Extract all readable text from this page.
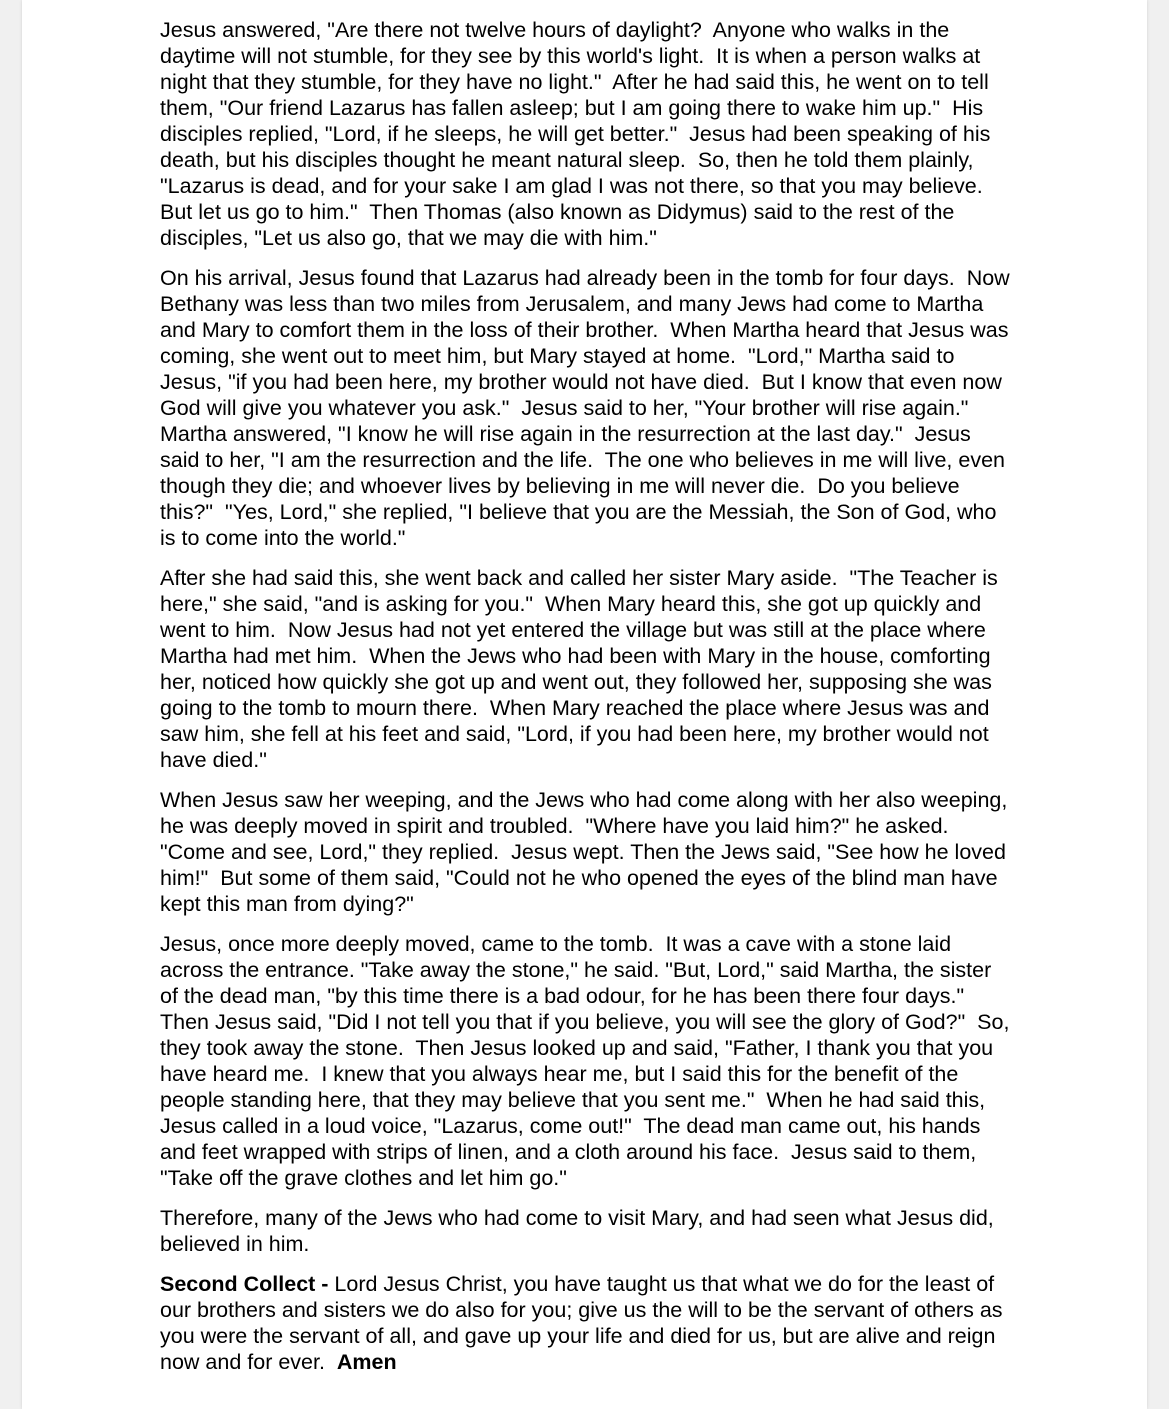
Jesus answered, "Are there not twelve hours of daylight?  Anyone who walks in the daytime will not stumble, for they see by this world's light.  It is when a person walks at night that they stumble, for they have no light."  After he had said this, he went on to tell them, "Our friend Lazarus has fallen asleep; but I am going there to wake him up."  His disciples replied, "Lord, if he sleeps, he will get better."  Jesus had been speaking of his death, but his disciples thought he meant natural sleep.  So, then he told them plainly, "Lazarus is dead, and for your sake I am glad I was not there, so that you may believe.  But let us go to him."  Then Thomas (also known as Didymus) said to the rest of the disciples, "Let us also go, that we may die with him."

On his arrival, Jesus found that Lazarus had already been in the tomb for four days.  Now Bethany was less than two miles from Jerusalem, and many Jews had come to Martha and Mary to comfort them in the loss of their brother.  When Martha heard that Jesus was coming, she went out to meet him, but Mary stayed at home.  "Lord," Martha said to Jesus, "if you had been here, my brother would not have died.  But I know that even now God will give you whatever you ask."  Jesus said to her, "Your brother will rise again."  Martha answered, "I know he will rise again in the resurrection at the last day."  Jesus said to her, "I am the resurrection and the life.  The one who believes in me will live, even though they die; and whoever lives by believing in me will never die.  Do you believe this?"  "Yes, Lord," she replied, "I believe that you are the Messiah, the Son of God, who is to come into the world."

After she had said this, she went back and called her sister Mary aside.  "The Teacher is here," she said, "and is asking for you."  When Mary heard this, she got up quickly and went to him.  Now Jesus had not yet entered the village but was still at the place where Martha had met him.  When the Jews who had been with Mary in the house, comforting her, noticed how quickly she got up and went out, they followed her, supposing she was going to the tomb to mourn there.  When Mary reached the place where Jesus was and saw him, she fell at his feet and said, "Lord, if you had been here, my brother would not have died."

When Jesus saw her weeping, and the Jews who had come along with her also weeping, he was deeply moved in spirit and troubled.  "Where have you laid him?" he asked.  "Come and see, Lord," they replied.  Jesus wept. Then the Jews said, "See how he loved him!"  But some of them said, "Could not he who opened the eyes of the blind man have kept this man from dying?"

Jesus, once more deeply moved, came to the tomb.  It was a cave with a stone laid across the entrance. "Take away the stone," he said. "But, Lord," said Martha, the sister of the dead man, "by this time there is a bad odour, for he has been there four days."  Then Jesus said, "Did I not tell you that if you believe, you will see the glory of God?"  So, they took away the stone.  Then Jesus looked up and said, "Father, I thank you that you have heard me.  I knew that you always hear me, but I said this for the benefit of the people standing here, that they may believe that you sent me."  When he had said this, Jesus called in a loud voice, "Lazarus, come out!"  The dead man came out, his hands and feet wrapped with strips of linen, and a cloth around his face.  Jesus said to them, "Take off the grave clothes and let him go."

Therefore, many of the Jews who had come to visit Mary, and had seen what Jesus did, believed in him.

Second Collect - Lord Jesus Christ, you have taught us that what we do for the least of our brothers and sisters we do also for you; give us the will to be the servant of others as you were the servant of all, and gave up your life and died for us, but are alive and reign now and for ever.  Amen
